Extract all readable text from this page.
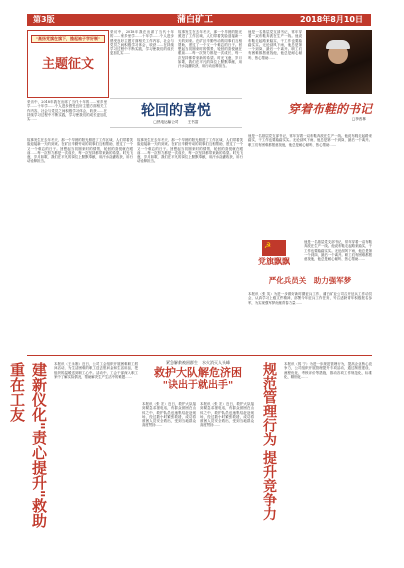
第3版	蒲白矿工	2018年8月10日
"高扬党旗在旗下，撸起袖子学好制"
主题征文
采访中，2018年我在出席了当代十年的……家乡里学……十年学……个人进步感受良好主题方面相关工作内容，社会与党员之间积极学习体会，收获……在持续学习过程中不断实践，学习使我们的成长更加扎实……
采访中，2018年我在出席了当代十年的……家乡里学……十年学……个人进步感受良好主题方面相关工作内容，社会与党员之间积极学习体会，收获……在持续学习过程中不断实践，学习使我们的成长更加扎实……
故事发生在去年冬天，那一个早晨的阳光照进了工作区域，人们带着笑脸迎接新一天的到来。在矿区辛勤劳动的同事们互相帮助，度过了一个又一个难忘的日子。回想起当初刚来时的情景，轮回的喜悦就在眼前……每一次努力都是一次成长，每一次坚持都带来新的希望。时光飞逝，岁月如歌，我们在平凡的岗位上默默奉献，用汗水浇灌收获，用行动诠释担当。
轮回的喜悦
□热电运输公司	王书富
故事发生在去年冬天，那一个早晨的阳光照进了工作区域，人们带着笑脸迎接新一天的到来。在矿区辛勤劳动的同事们互相帮助，度过了一个又一个难忘的日子。回想起当初刚来时的情景，轮回的喜悦就在眼前……每一次努力都是一次成长，每一次坚持都带来新的希望。时光飞逝，岁月如歌，我们在平凡的岗位上默默奉献，用汗水浇灌收获，用行动诠释担当。
故事发生在去年冬天，那一个早晨的阳光照进了工作区域，人们带着笑脸迎接新一天的到来。在矿区辛勤劳动的同事们互相帮助，度过了一个又一个难忘的日子。回想起当初刚来时的情景，轮回的喜悦就在眼前……每一次努力都是一次成长，每一次坚持都带来新的希望。时光飞逝，岁月如歌，我们在平凡的岗位上默默奉献，用汗水浇灌收获，用行动诠释担当。
他是一名基层党支部书记，常年穿着一双布鞋奔波在生产一线。他说布鞋走起路来踏实，干工作也要踏踏实实。无论刮风下雨，他总是第一个到岗，最后一个离开。职工们有困难都愿意找他，他总是耐心倾听、热心帮助……
穿着布鞋的书记
□李晋林
他是一名基层党支部书记，常年穿着一双布鞋奔波在生产一线。他说布鞋走起路来踏实，干工作也要踏踏实实。无论刮风下雨，他总是第一个到岗，最后一个离开。职工们有困难都愿意找他，他总是耐心倾听、热心帮助……
他是一名基层党支部书记，常年穿着一双布鞋奔波在生产一线。他说布鞋走起路来踏实，干工作也要踏踏实实。无论刮风下雨，他总是第一个到岗，最后一个离开。职工们有困难都愿意找他，他总是耐心倾听、热心帮助……
☭
党旗飘飘
严化兵员关　助力强军梦
本报讯（张 英）为进一步做好新时期征兵工作，蒲白矿业公司召开征兵工作动员会，认真学习上级文件精神，部署今年征兵工作任务，号召适龄青年积极报名参军，为实现强军梦贡献青春力量……
建新仪化"责心提升"救助重在工友	本报讯（王永刚）近日，公司工会组织开展困难职工慰问活动，为生活困难的职工送去慰问金和生活用品，把组织的温暖送到职工心中。活动中，工会干部深入职工家中了解实际情况，帮助解决生产生活中的难题……
紧急解救被困群生　水火消灭人头峰
救护大队解危济困
"诀出于就出手"
本报讯（张 宏）近日，救护大队接到紧急求援电话，有群众被困在山体之中，救护队员迅速集结赶赴现场，经过数小时紧张救援，成功将被困人员安全救出，受到当地群众高度赞扬……
本报讯（张 宏）近日，救护大队接到紧急求援电话，有群众被困在山体之中，救护队员迅速集结赶赴现场，经过数小时紧张救援，成功将被困人员安全救出，受到当地群众高度赞扬……	规范管理行为 提升竞争力	本报讯（郭 宁）为进一步规范管理行为，提高企业核心竞争力，公司组织开展管理提升专项活动，通过制度建设、流程优化、考核评价等措施，推动各项工作规范化、标准化、精细化……
